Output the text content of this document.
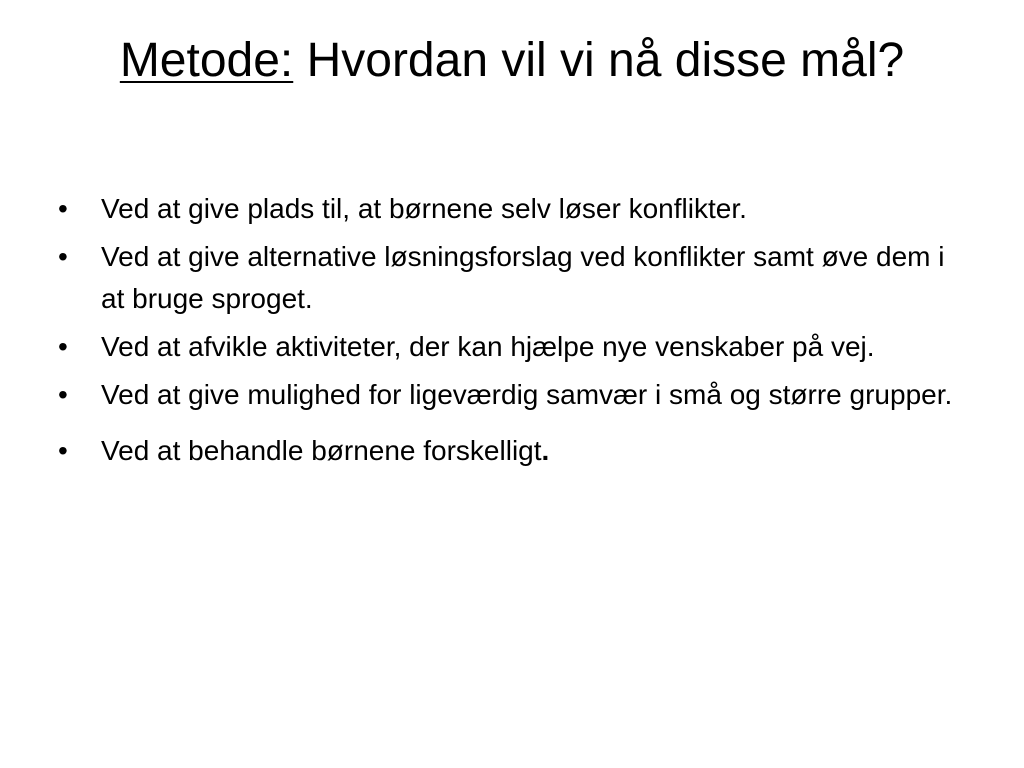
Metode: Hvordan vil vi nå disse mål?
• Ved at give plads til, at børnene selv løser konflikter.
• Ved at give alternative løsningsforslag ved konflikter samt øve dem i at bruge sproget.
• Ved at afvikle aktiviteter, der kan hjælpe nye venskaber på vej.
• Ved at give mulighed for ligeværdig samvær i små og større grupper.
• Ved at behandle børnene forskelligt.
